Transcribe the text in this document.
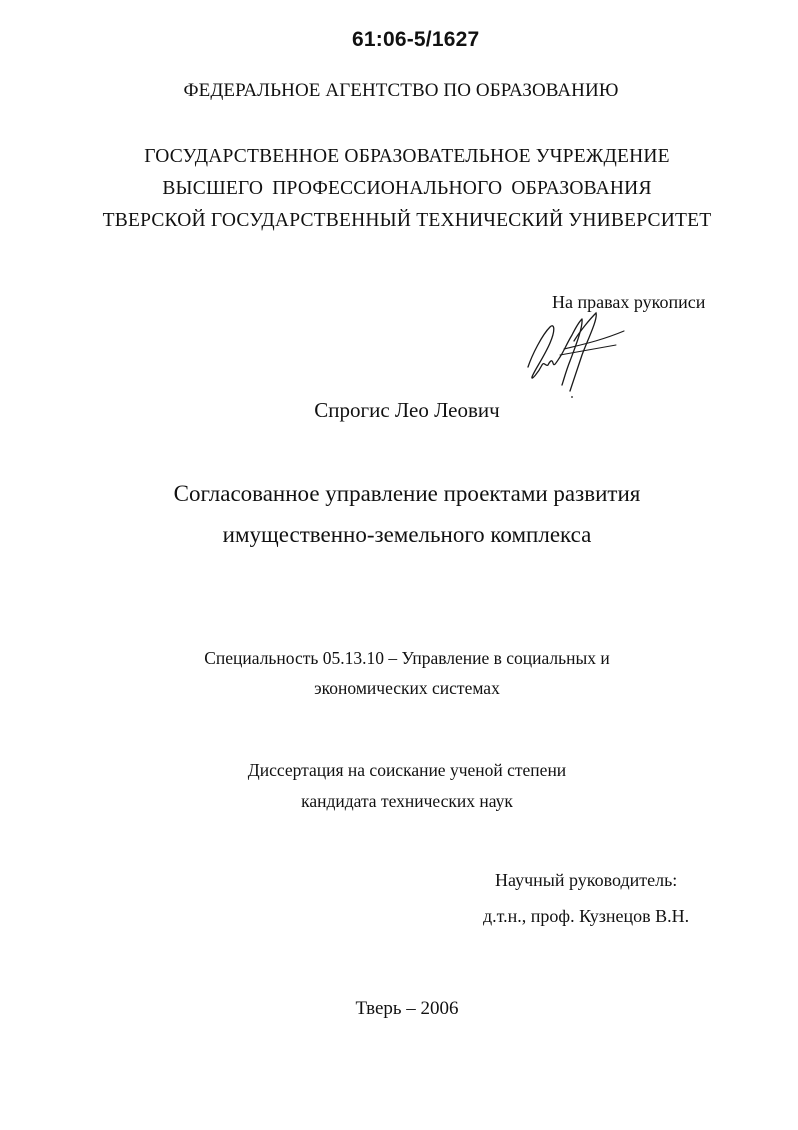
61:06-5/1627
ФЕДЕРАЛЬНОЕ АГЕНТСТВО ПО ОБРАЗОВАНИЮ
ГОСУДАРСТВЕННОЕ ОБРАЗОВАТЕЛЬНОЕ УЧРЕЖДЕНИЕ
ВЫСШЕГО ПРОФЕССИОНАЛЬНОГО ОБРАЗОВАНИЯ
ТВЕРСКОЙ ГОСУДАРСТВЕННЫЙ ТЕХНИЧЕСКИЙ УНИВЕРСИТЕТ
На правах рукописи
Спрогис Лео Леович
Согласованное управление проектами развития
имущественно-земельного комплекса
Специальность 05.13.10 – Управление в социальных и
экономических системах
Диссертация на соискание ученой степени
кандидата технических наук
Научный руководитель:
д.т.н., проф. Кузнецов В.Н.
Тверь – 2006
